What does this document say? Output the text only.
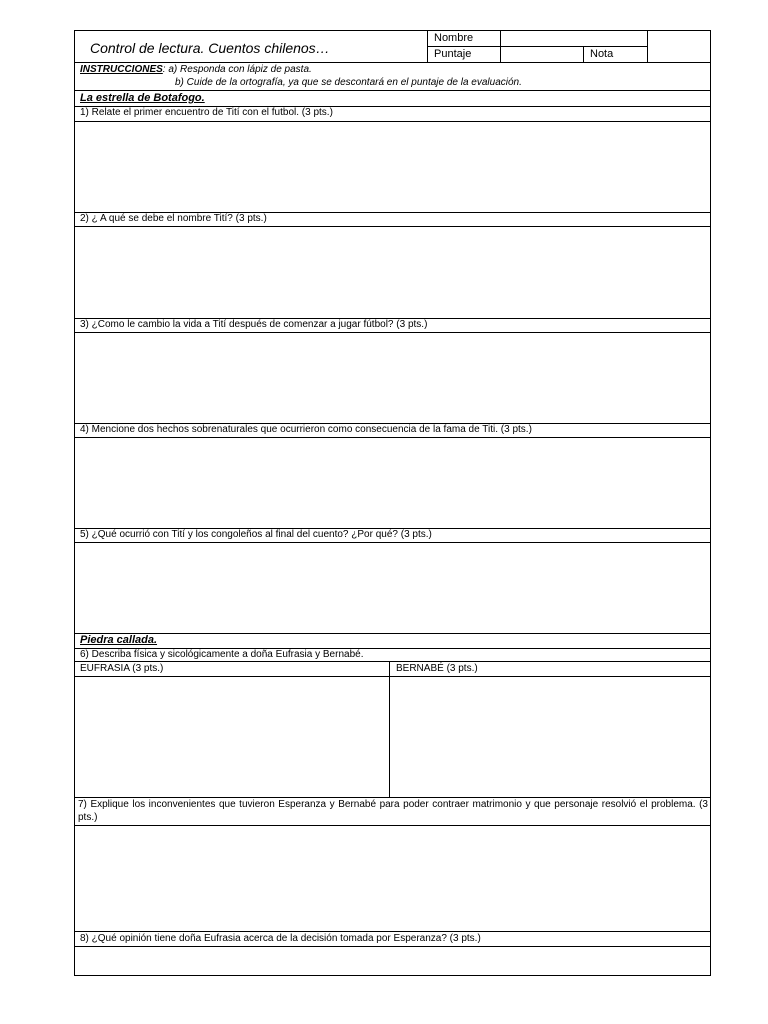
Control de lectura. Cuentos chilenos…
Nombre
Puntaje	Nota
INSTRUCCIONES: a) Responda con lápiz de pasta.
b) Cuide de la ortografía, ya que se descontará en el puntaje de la evaluación.
La estrella de Botafogo.
1) Relate el primer encuentro de Tití con el futbol. (3 pts.)
2) ¿ A qué se debe el nombre Tití? (3 pts.)
3) ¿Como le cambio la vida a Tití después de comenzar a jugar fútbol? (3 pts.)
4) Mencione dos hechos sobrenaturales que ocurrieron como consecuencia de la fama de Titi. (3 pts.)
5) ¿Qué ocurrió con Tití y los congoleños al final del cuento? ¿Por qué? (3 pts.)
Piedra callada.
6) Describa física y sicológicamente a doña Eufrasia y Bernabé.
EUFRASIA (3 pts.)	BERNABÉ (3 pts.)
7) Explique los inconvenientes que tuvieron Esperanza y Bernabé para poder contraer matrimonio y que personaje resolvió el problema. (3 pts.)
8) ¿Qué opinión tiene doña Eufrasia acerca de la decisión tomada por Esperanza? (3 pts.)
